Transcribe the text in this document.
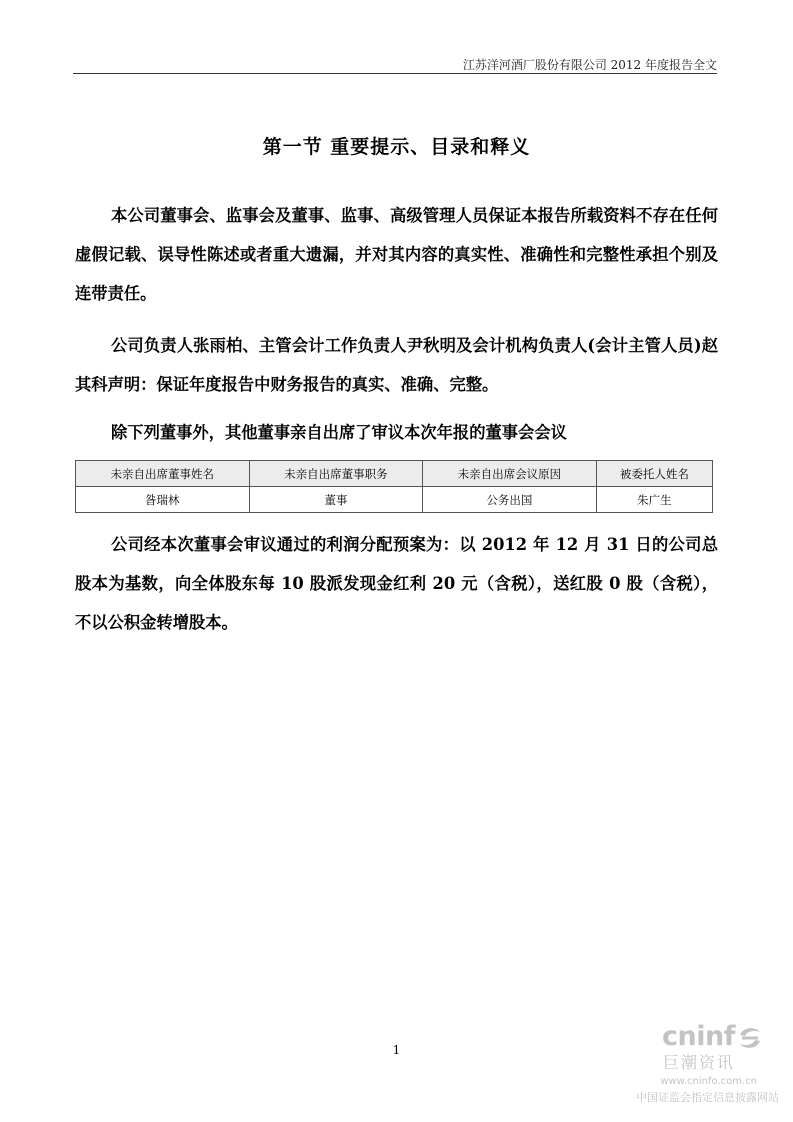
江苏洋河酒厂股份有限公司 2012 年度报告全文
第一节 重要提示、目录和释义

本公司董事会、监事会及董事、监事、高级管理人员保证本报告所载资料不存在任何虚假记载、误导性陈述或者重大遗漏，并对其内容的真实性、准确性和完整性承担个别及连带责任。

公司负责人张雨柏、主管会计工作负责人尹秋明及会计机构负责人(会计主管人员)赵其科声明：保证年度报告中财务报告的真实、准确、完整。

除下列董事外，其他董事亲自出席了审议本次年报的董事会会议

未亲自出席董事姓名	未亲自出席董事职务	未亲自出席会议原因	被委托人姓名
昝瑞林	董事	公务出国	朱广生

公司经本次董事会审议通过的利润分配预案为：以 2012 年 12 月 31 日的公司总股本为基数，向全体股东每 10 股派发现金红利 20 元（含税），送红股 0 股（含税），不以公积金转增股本。

1	cninf
巨潮资讯
www.cninfo.com.cn
中国证监会指定信息披露网站
